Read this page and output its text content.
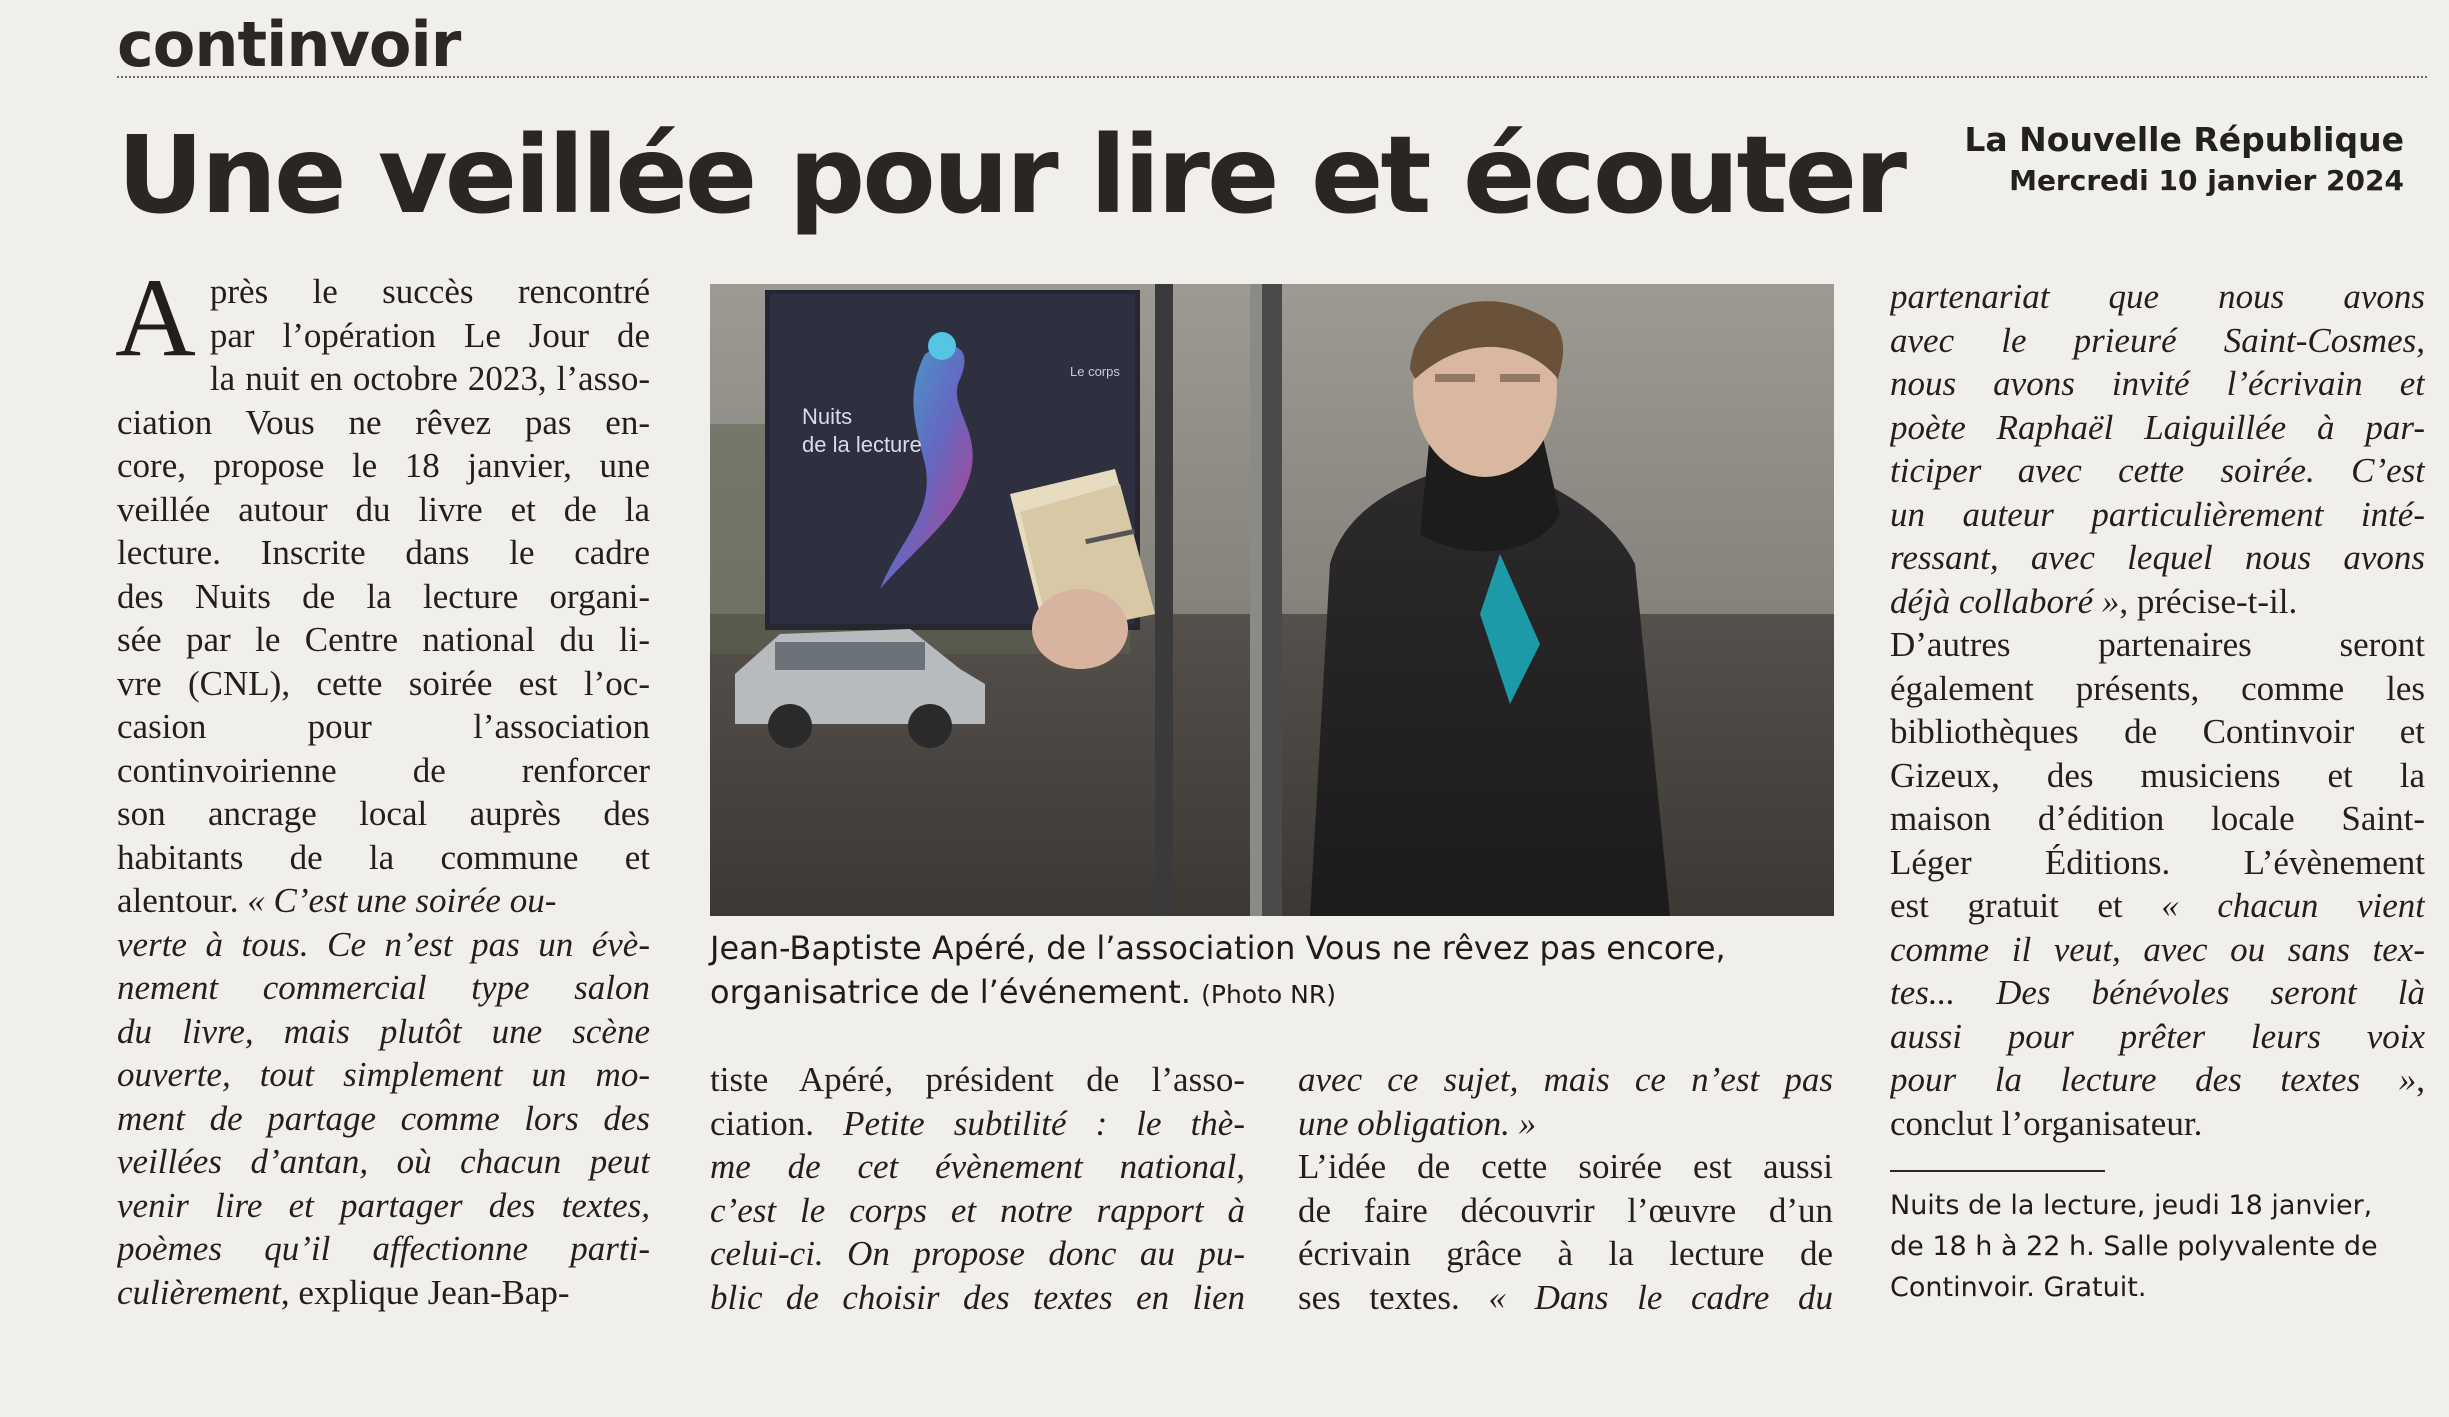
continvoir
Une veillée pour lire et écouter La Nouvelle République
Mercredi 10 janvier 2024
A près le succès rencontré
par l’opération Le Jour de
la nuit en octobre 2023, l’asso-
ciation Vous ne rêvez pas en-
core, propose le 18 janvier, une
veillée autour du livre et de la
lecture. Inscrite dans le cadre
des Nuits de la lecture organi-
sée par le Centre national du li-
vre (CNL), cette soirée est l’oc-
casion pour l’association
continvoirienne de renforcer
son ancrage local auprès des
habitants de la commune et
alentour. « C’est une soirée ou-
verte à tous. Ce n’est pas un évè-
nement commercial type salon
du livre, mais plutôt une scène
ouverte, tout simplement un mo-
ment de partage comme lors des
veillées d’antan, où chacun peut
venir lire et partager des textes,
poèmes qu’il affectionne parti-
culièrement, explique Jean-Bap-
Nuits
de la lecture
Le corps
Jean-Baptiste Apéré, de l’association Vous ne rêvez pas encore,
organisatrice de l’événement. (Photo NR)
tiste Apéré, président de l’asso-
ciation. Petite subtilité : le thè-
me de cet évènement national,
c’est le corps et notre rapport à
celui-ci. On propose donc au pu-
blic de choisir des textes en lien
avec ce sujet, mais ce n’est pas
une obligation. »
L’idée de cette soirée est aussi
de faire découvrir l’œuvre d’un
écrivain grâce à la lecture de
ses textes. « Dans le cadre du
partenariat que nous avons
avec le prieuré Saint-Cosmes,
nous avons invité l’écrivain et
poète Raphaël Laiguillée à par-
ticiper avec cette soirée. C’est
un auteur particulièrement inté-
ressant, avec lequel nous avons
déjà collaboré », précise-t-il.
D’autres partenaires seront
également présents, comme les
bibliothèques de Continvoir et
Gizeux, des musiciens et la
maison d’édition locale Saint-
Léger Éditions. L’évènement
est gratuit et « chacun vient
comme il veut, avec ou sans tex-
tes... Des bénévoles seront là
aussi pour prêter leurs voix
pour la lecture des textes »,
conclut l’organisateur.
Nuits de la lecture, jeudi 18 janvier,
de 18 h à 22 h. Salle polyvalente de
Continvoir. Gratuit.
